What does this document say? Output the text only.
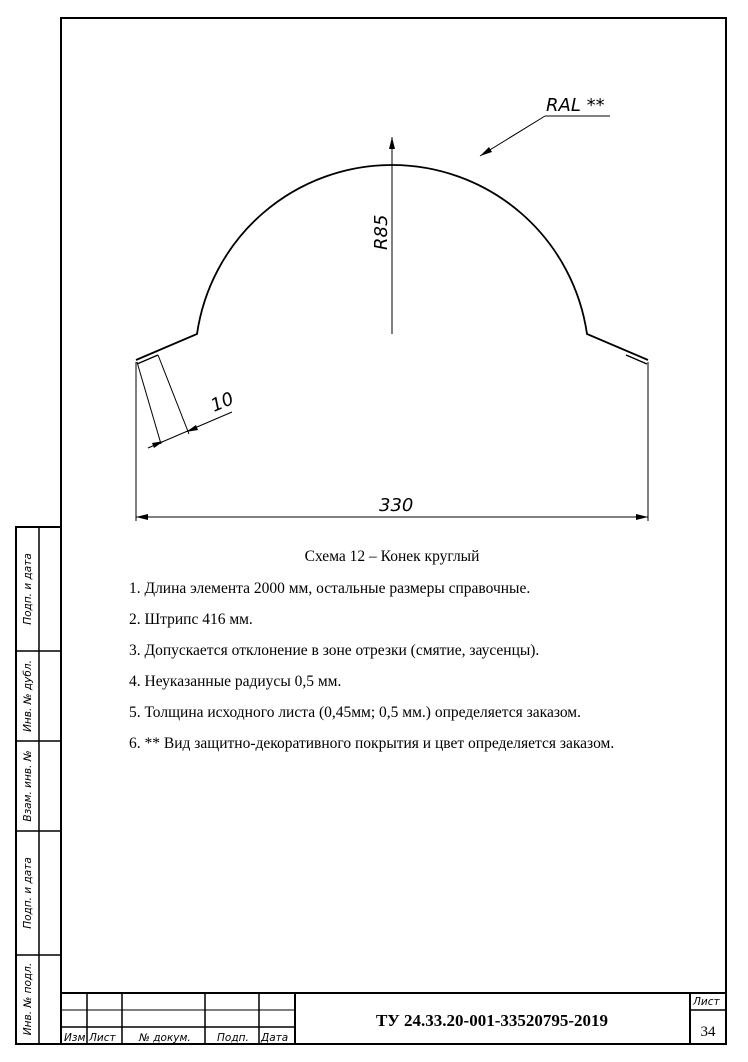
RAL **
R85
10
330
Схема 12 – Конек круглый
1. Длина элемента 2000 мм, остальные размеры справочные.
2. Штрипс 416 мм.
3. Допускается отклонение в зоне отрезки (смятие, заусенцы).
4. Неуказанные радиусы 0,5 мм.
5. Толщина исходного листа (0,45мм; 0,5 мм.) определяется заказом.
6. ** Вид защитно-декоративного покрытия и цвет определяется заказом.
Подп. и дата
Инв. № дубл.
Взам. инв. №
Подп. и дата
Инв. № подл.
Изм Лист № докум. Подп. Дата
ТУ 24.33.20-001-33520795-2019
Лист
34
